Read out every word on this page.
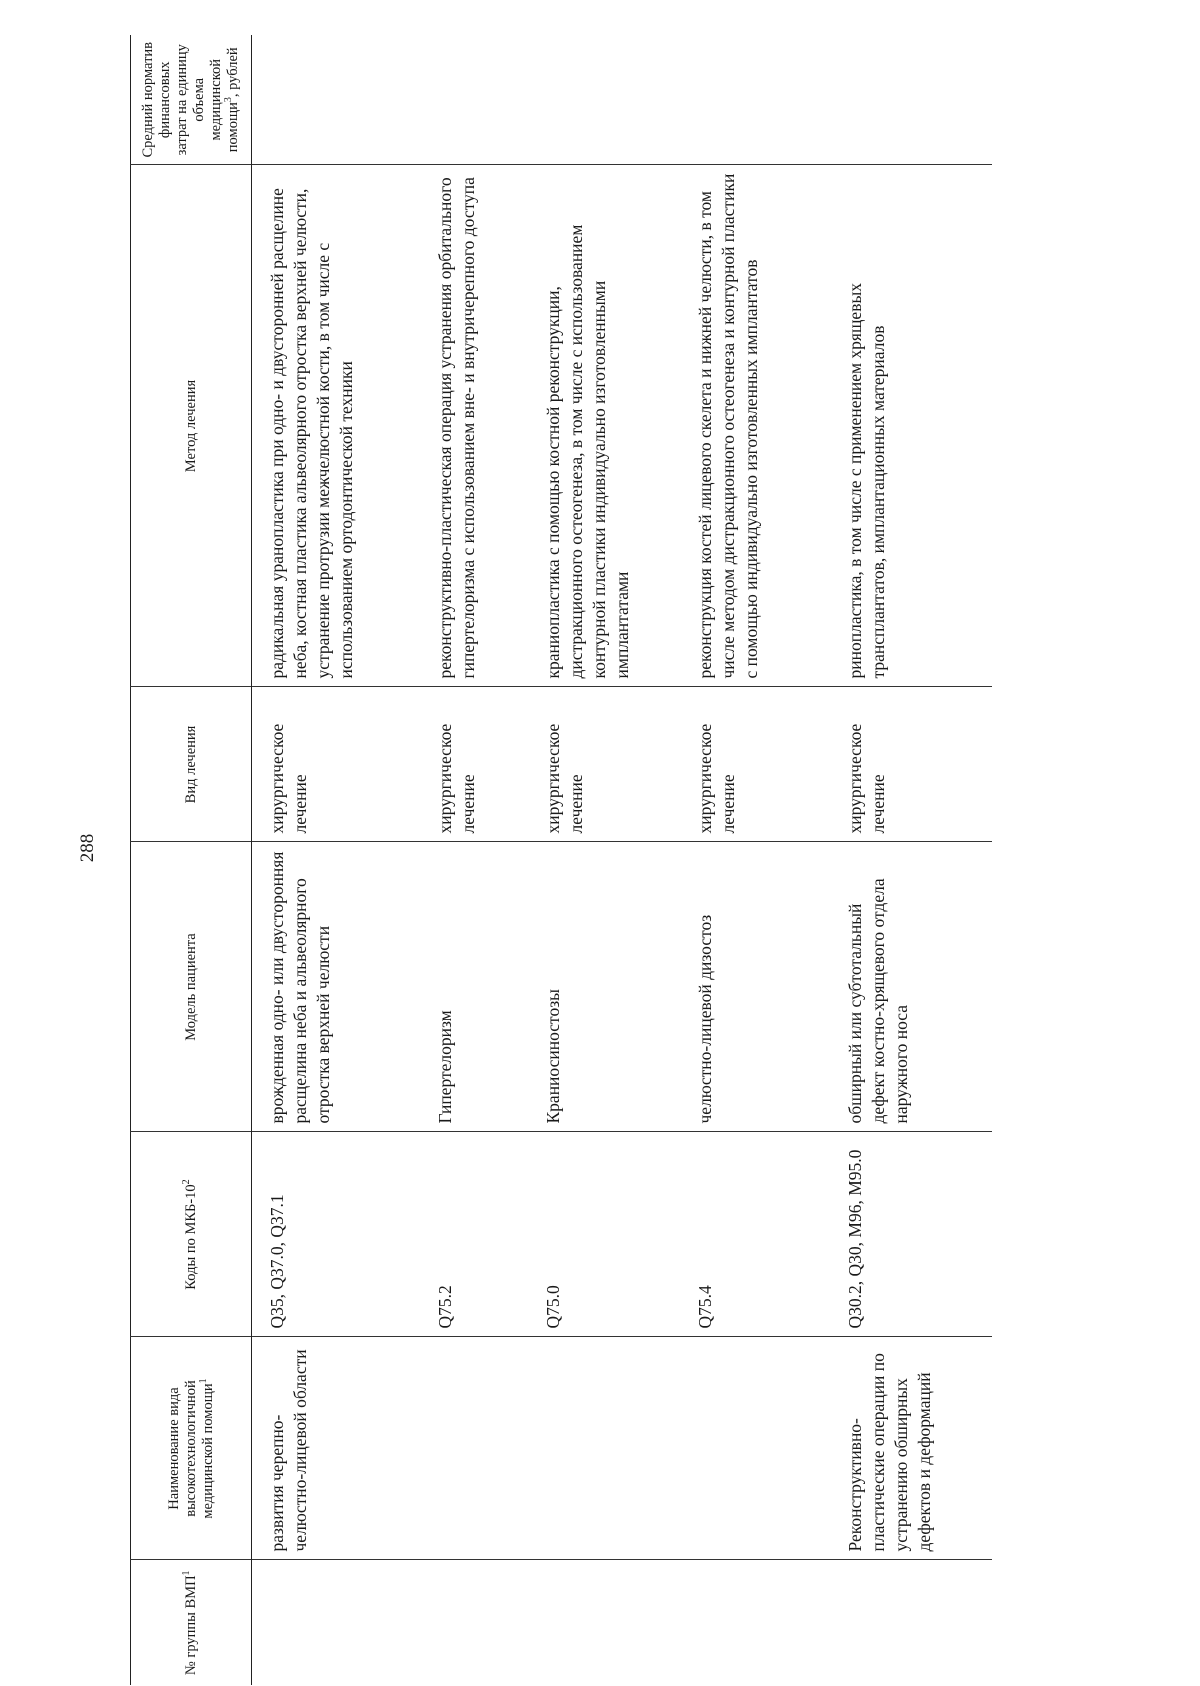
288
№ группы ВМП$^1$	Наименование вида высокотехнологичной медицинской помощи$^1$	Коды по МКБ-$10^2$	Модель пациента	Вид лечения	Метод лечения	Средний норматив финансовых затрат на единицу объема медицинской помощи$^3$, рублей
	развития черепно-челюстно-лицевой области	Q35, Q37.0, Q37.1	врожденная одно- или двусторонняя расщелина неба и альвеолярного отростка верхней челюсти	хирургическое лечение	радикальная уранопластика при одно- и двусторонней расщелине неба, костная пластика альвеолярного отростка верхней челюсти, устранение протрузии межчелюстной кости, в том числе с использованием ортодонтической техники	
		Q75.2	Гипертелоризм	хирургическое лечение	реконструктивно-пластическая операция устранения орбитального гипертелоризма с использованием вне- и внутричерепного доступа	
		Q75.0	Краниосиностозы	хирургическое лечение	краниопластика с помощью костной реконструкции, дистракционного остеогенеза, в том числе с использованием контурной пластики индивидуально изготовленными имплантатами	
		Q75.4	челюстно-лицевой дизостоз	хирургическое лечение	реконструкция костей лицевого скелета и нижней челюсти, в том числе методом дистракционного остеогенеза и контурной пластики с помощью индивидуально изготовленных имплантатов	
	Реконструктивно-пластические операции по устранению обширных дефектов и деформаций	Q30.2, Q30, M96, M95.0	обширный или субтотальный дефект костно-хрящевого отдела наружного носа	хирургическое лечение	ринопластика, в том числе с применением хрящевых трансплантатов, имплантационных материалов	
